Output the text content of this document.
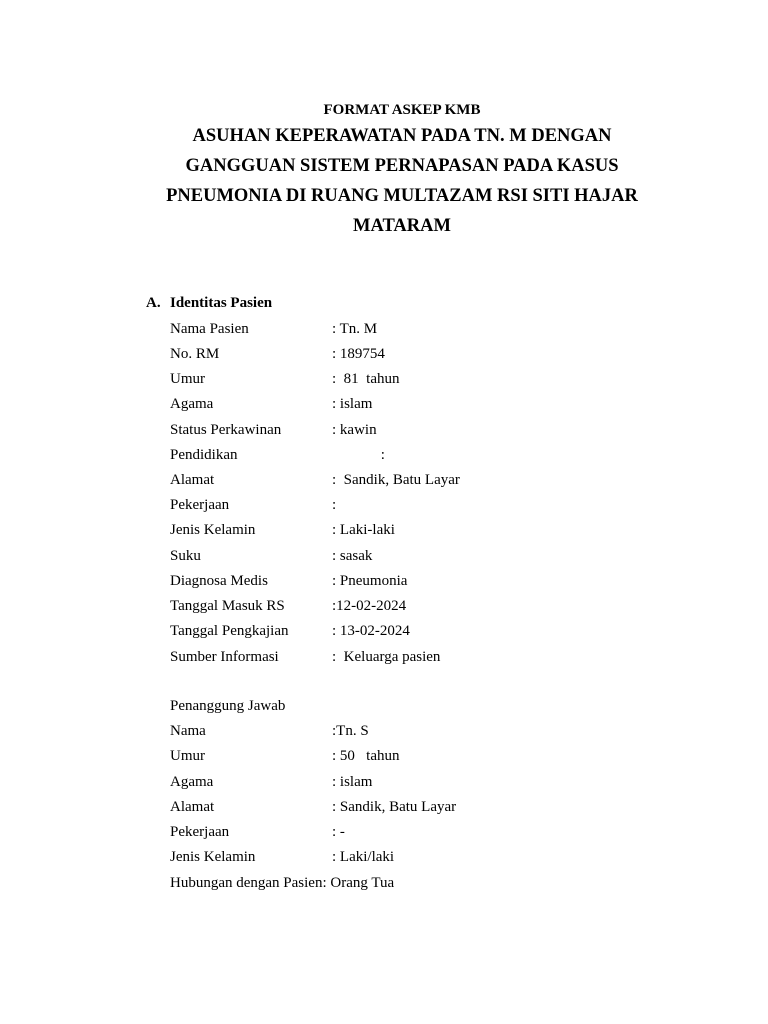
FORMAT ASKEP KMB
ASUHAN KEPERAWATAN PADA TN. M DENGAN
GANGGUAN SISTEM PERNAPASAN PADA KASUS
PNEUMONIA DI RUANG MULTAZAM RSI SITI HAJAR
MATARAM
A. Identitas Pasien

Nama Pasien

	: Tn. M

No. RM

	: 189754

Umur

	:  81  tahun

Agama

	: islam

Status Perkawinan

	: kawin

Pendidikan

	:

Alamat

	:  Sandik, Batu Layar

Pekerjaan

	:

Jenis Kelamin

	: Laki-laki

Suku

	: sasak

Diagnosa Medis

	: Pneumonia

Tanggal Masuk RS

	:12-02-2024

Tanggal Pengkajian

	: 13-02-2024

Sumber Informasi

	:  Keluarga pasien

Penanggung Jawab

Nama

	:Tn. S

Umur

	: 50   tahun

Agama

	: islam

Alamat

	: Sandik, Batu Layar

Pekerjaan

	: -

Jenis Kelamin

	: Laki/laki

Hubungan dengan Pasien: Orang Tua
